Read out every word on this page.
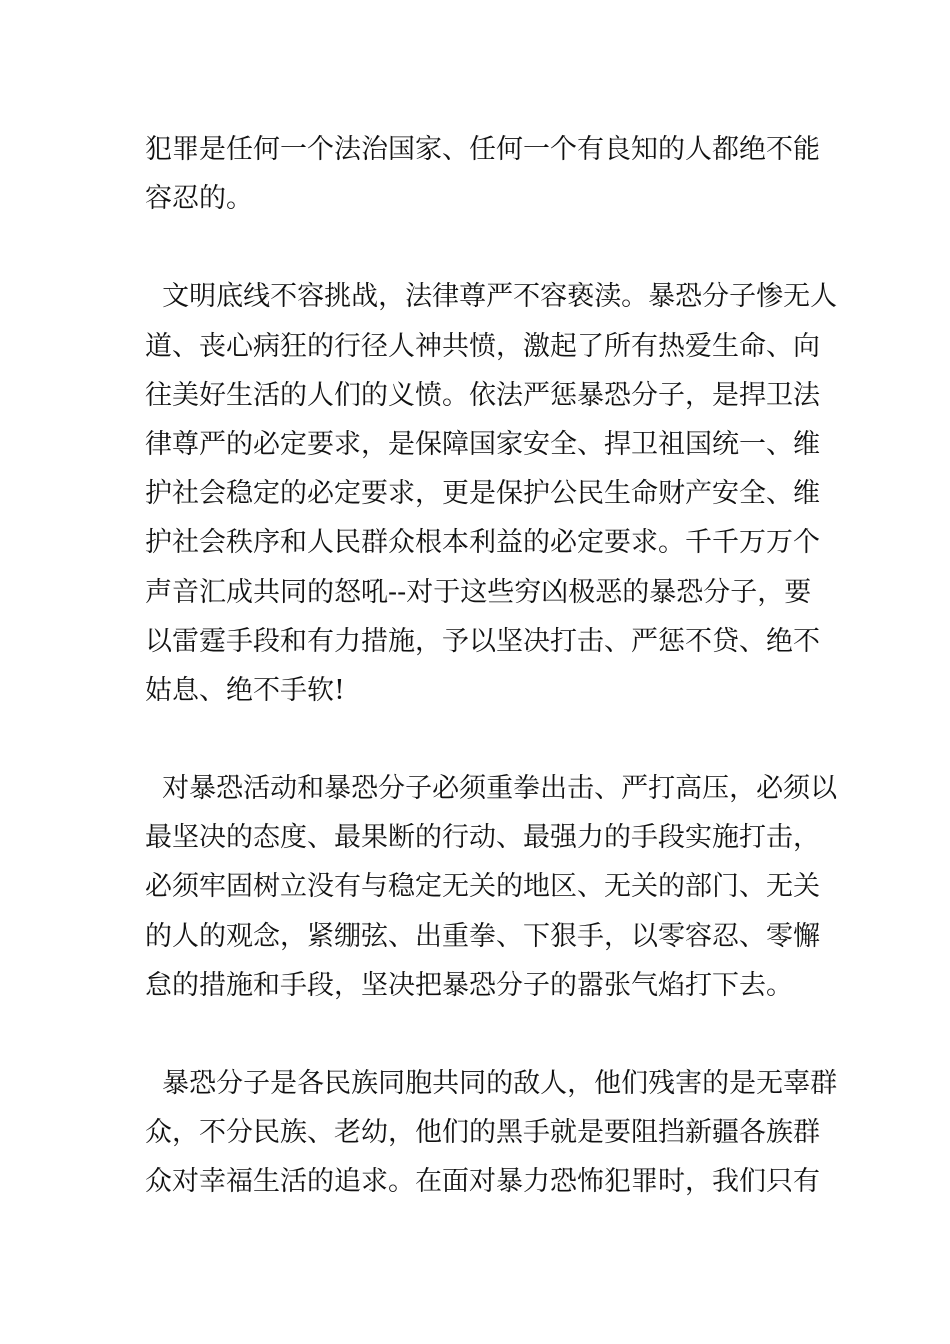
犯罪是任何一个法治国家、任何一个有良知的人都绝不能
容忍的。

文明底线不容挑战，法律尊严不容亵渎。暴恐分子惨无人
道、丧心病狂的行径人神共愤，激起了所有热爱生命、向
往美好生活的人们的义愤。依法严惩暴恐分子，是捍卫法
律尊严的必定要求，是保障国家安全、捍卫祖国统一、维
护社会稳定的必定要求，更是保护公民生命财产安全、维
护社会秩序和人民群众根本利益的必定要求。千千万万个
声音汇成共同的怒吼--对于这些穷凶极恶的暴恐分子，要
以雷霆手段和有力措施，予以坚决打击、严惩不贷、绝不
姑息、绝不手软!

对暴恐活动和暴恐分子必须重拳出击、严打高压，必须以
最坚决的态度、最果断的行动、最强力的手段实施打击，
必须牢固树立没有与稳定无关的地区、无关的部门、无关
的人的观念，紧绷弦、出重拳、下狠手，以零容忍、零懈
怠的措施和手段，坚决把暴恐分子的嚣张气焰打下去。

暴恐分子是各民族同胞共同的敌人，他们残害的是无辜群
众，不分民族、老幼，他们的黑手就是要阻挡新疆各族群
众对幸福生活的追求。在面对暴力恐怖犯罪时，我们只有
